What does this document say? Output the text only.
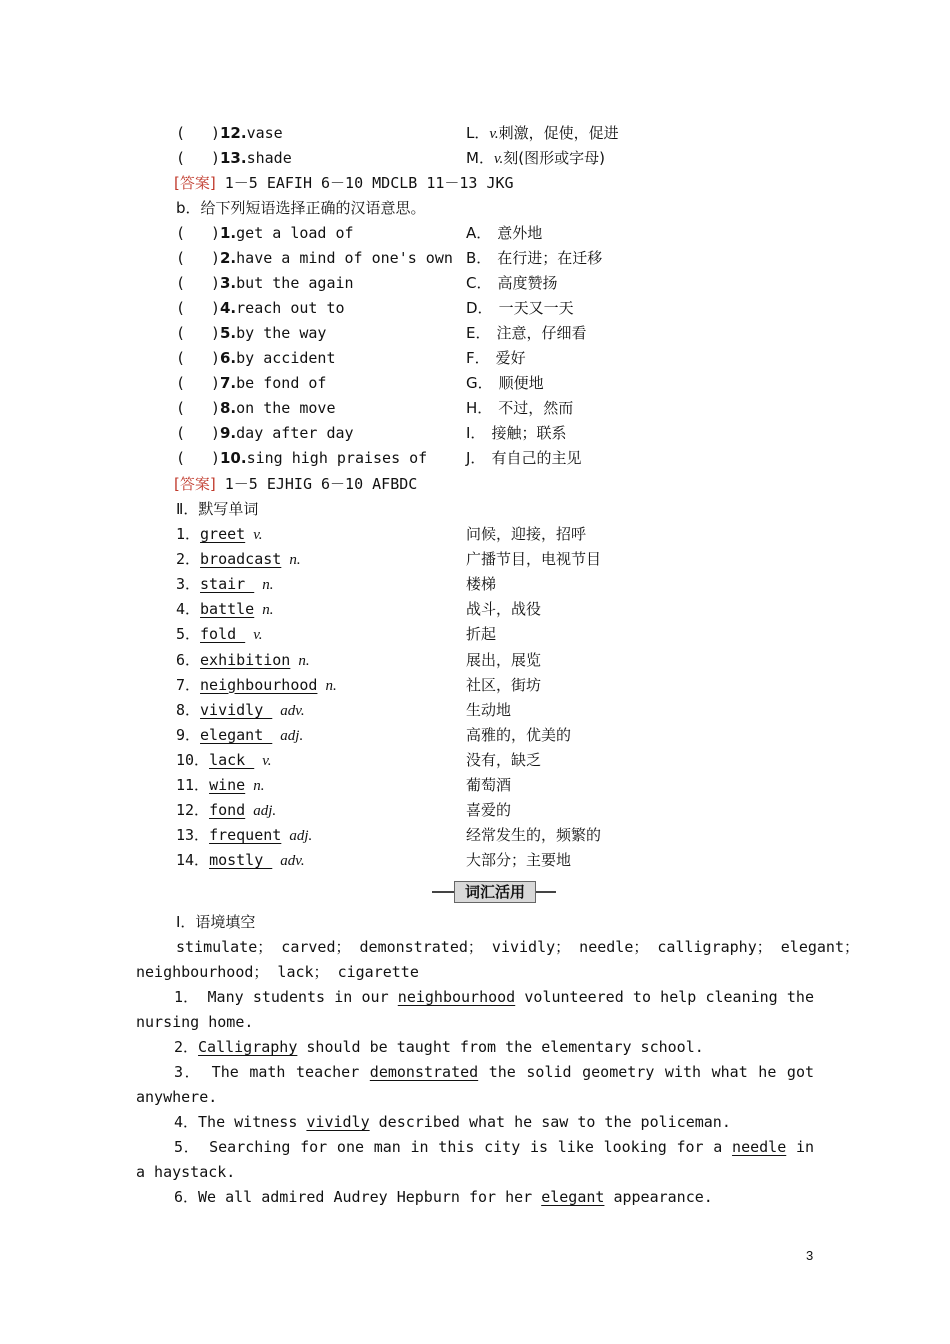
( )12.vase	L．v.刺激，促使，促进
( )13.shade	M．v.刻(图形或字母)
[答案] 1－5 EAFIH 6－10 MDCLB 11－13 JKG
b．给下列短语选择正确的汉语意思。
( )1.get a load of	A． 意外地
( )2.have a mind of one's own B． 在行进；在迁移
( )3.but the again	C． 高度赞扬
( )4.reach out to	D． 一天又一天
( )5.by the way	E． 注意，仔细看
( )6.by accident	F． 爱好
( )7.be fond of	G． 顺便地
( )8.on the move	H． 不过，然而
( )9.day after day	I． 接触；联系
( )10.sing high praises of	J． 有自己的主见
[答案] 1－5 EJHIG 6－10 AFBDC
Ⅱ．默写单词
1．greet v.	问候，迎接，招呼
2．broadcast n.	广播节目，电视节目
3．stair n.	楼梯
4．battle n.	战斗，战役
5．fold v.	折起
6．exhibition n.	展出，展览
7．neighbourhood n.	社区，街坊
8．vividly adv.	生动地
9．elegant adj.	高雅的，优美的
10．lack v.	没有，缺乏
11．wine n.	葡萄酒
12．fond adj.	喜爱的
13．frequent adj.	经常发生的，频繁的
14．mostly adv.	大部分；主要地
词汇活用
Ⅰ．语境填空
stimulate； carved； demonstrated； vividly； needle； calligraphy； elegant；
neighbourhood； lack； cigarette
1． Many students in our neighbourhood volunteered to help cleaning the nursing home.
2．Calligraphy should be taught from the elementary school.
3． The math teacher demonstrated the solid geometry with what he got anywhere.
4．The witness vividly described what he saw to the policeman.
5． Searching for one man in this city is like looking for a needle in a haystack.
6．We all admired Audrey Hepburn for her elegant appearance.
3
